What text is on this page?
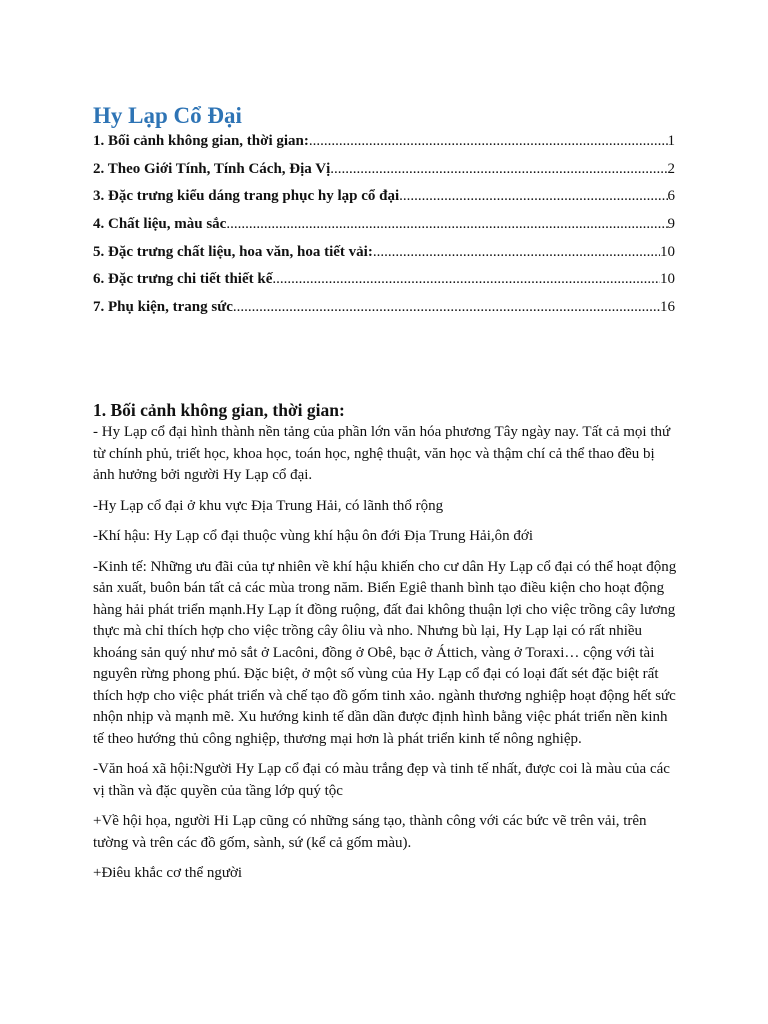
Hy Lạp Cổ Đại
1. Bối cảnh không gian, thời gian: .....	1
2. Theo Giới Tính, Tính Cách, Địa Vị .....	2
3. Đặc trưng kiểu dáng trang phục hy lạp cổ đại .....	6
4. Chất liệu, màu sắc .....	9
5. Đặc trưng chất liệu, hoa văn, hoa tiết vải: .....	10
6. Đặc trưng chi tiết thiết kế .....	10
7. Phụ kiện, trang sức .....	16
1. Bối cảnh không gian, thời gian:

- Hy Lạp cổ đại hình thành nền tảng của phần lớn văn hóa phương Tây ngày nay. Tất cả mọi thứ từ chính phủ, triết học, khoa học, toán học, nghệ thuật, văn học và thậm chí cả thể thao đều bị ảnh hưởng bởi người Hy Lạp cổ đại.

-Hy Lạp cổ đại ở khu vực Địa Trung Hải, có lãnh thổ rộng

-Khí hậu: Hy Lạp cổ đại thuộc vùng khí hậu ôn đới Địa Trung Hải,ôn đới

-Kinh tế: Những ưu đãi của tự nhiên về khí hậu khiến cho cư dân Hy Lạp cổ đại có thể hoạt động sản xuất, buôn bán tất cả các mùa trong năm. Biển Egiê thanh bình tạo điều kiện cho hoạt động hàng hải phát triển mạnh.Hy Lạp ít đồng ruộng, đất đai không thuận lợi cho việc trồng cây lương thực mà chỉ thích hợp cho việc trồng cây ôliu và nho. Nhưng bù lại, Hy Lạp lại có rất nhiều khoáng sản quý như mỏ sắt ở Lacôni, đồng ở Obê, bạc ở Áttich, vàng ở Toraxi… cộng với tài nguyên rừng phong phú. Đặc biệt, ở một số vùng của Hy Lạp cổ đại có loại đất sét đặc biệt rất thích hợp cho việc phát triển và chế tạo đồ gốm tinh xảo. ngành thương nghiệp hoạt động hết sức nhộn nhịp và mạnh mẽ. Xu hướng kinh tế dần dần được định hình bằng việc phát triển nền kinh tế theo hướng thủ công nghiệp, thương mại hơn là phát triển kinh tế nông nghiệp.

-Văn hoá xã hội:Người Hy Lạp cổ đại có màu trắng đẹp và tinh tế nhất, được coi là màu của các vị thần và đặc quyền của tầng lớp quý tộc

+Về hội họa, người Hi Lạp cũng có những sáng tạo, thành công với các bức vẽ trên vải, trên tường và trên các đồ gốm, sành, sứ (kể cả gốm màu).

+Điêu khắc cơ thể người
